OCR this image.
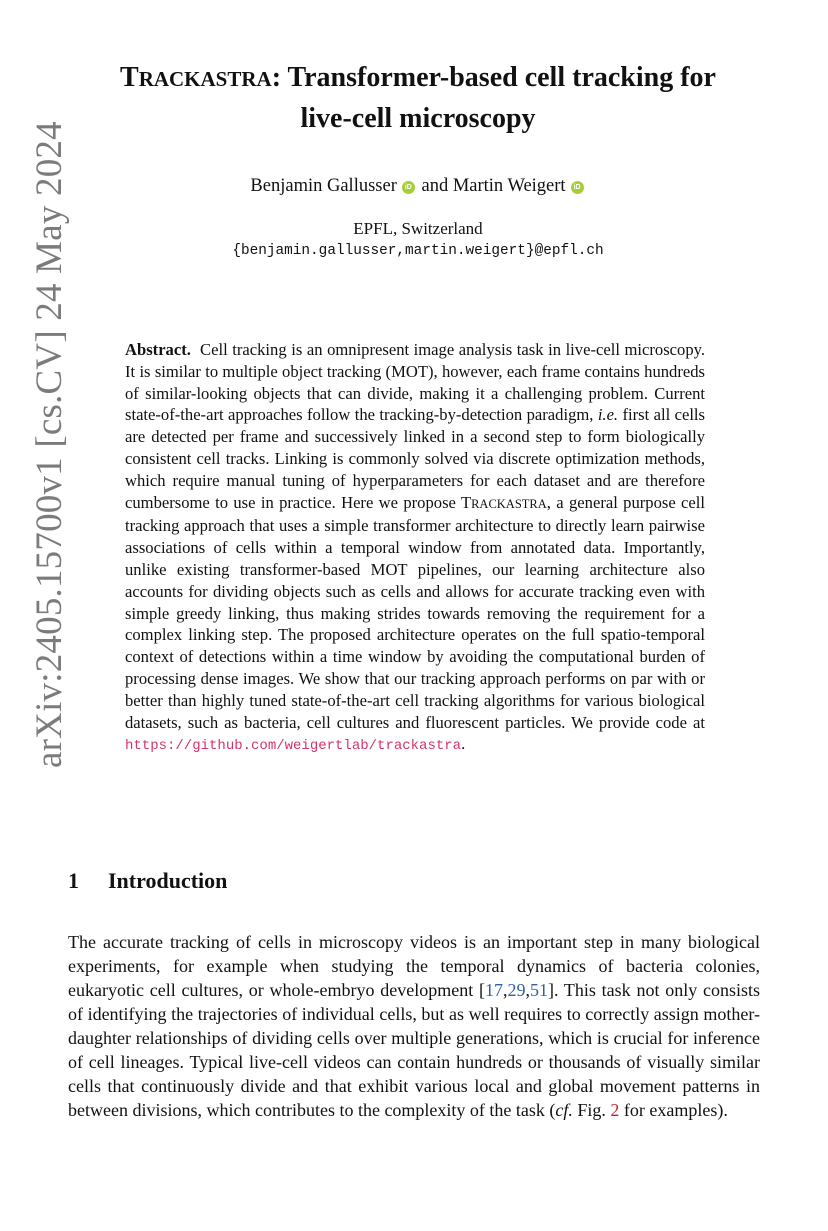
arXiv:2405.15700v1 [cs.CV] 24 May 2024
TRACKASTRA: Transformer-based cell tracking for
live-cell microscopy
Benjamin Gallusser iD and Martin Weigert iD
EPFL, Switzerland
{benjamin.gallusser,martin.weigert}@epfl.ch
Abstract. Cell tracking is an omnipresent image analysis task in live-cell microscopy. It is similar to multiple object tracking (MOT), however, each frame contains hundreds of similar-looking objects that can divide, making it a challenging problem. Current state-of-the-art approaches follow the tracking-by-detection paradigm, i.e. first all cells are detected per frame and successively linked in a second step to form biologically consistent cell tracks. Linking is commonly solved via discrete optimization methods, which require manual tuning of hyperparameters for each dataset and are therefore cumbersome to use in practice. Here we propose TRACKASTRA, a general purpose cell tracking approach that uses a simple transformer architecture to directly learn pairwise associations of cells within a temporal window from annotated data. Importantly, unlike existing transformer-based MOT pipelines, our learning architecture also accounts for dividing objects such as cells and allows for accurate tracking even with simple greedy linking, thus making strides towards removing the requirement for a complex linking step. The proposed architecture operates on the full spatio-temporal context of detections within a time window by avoiding the computational burden of processing dense images. We show that our tracking approach performs on par with or better than highly tuned state-of-the-art cell tracking algorithms for various biological datasets, such as bacteria, cell cultures and fluorescent particles. We provide code at https://github.com/weigertlab/trackastra.
1 Introduction
The accurate tracking of cells in microscopy videos is an important step in many biological experiments, for example when studying the temporal dynamics of bacteria colonies, eukaryotic cell cultures, or whole-embryo development [17,29,51]. This task not only consists of identifying the trajectories of individual cells, but as well requires to correctly assign mother-daughter relationships of dividing cells over multiple generations, which is crucial for inference of cell lineages. Typical live-cell videos can contain hundreds or thousands of visually similar cells that continuously divide and that exhibit various local and global movement patterns in between divisions, which contributes to the complexity of the task (cf. Fig. 2 for examples).
